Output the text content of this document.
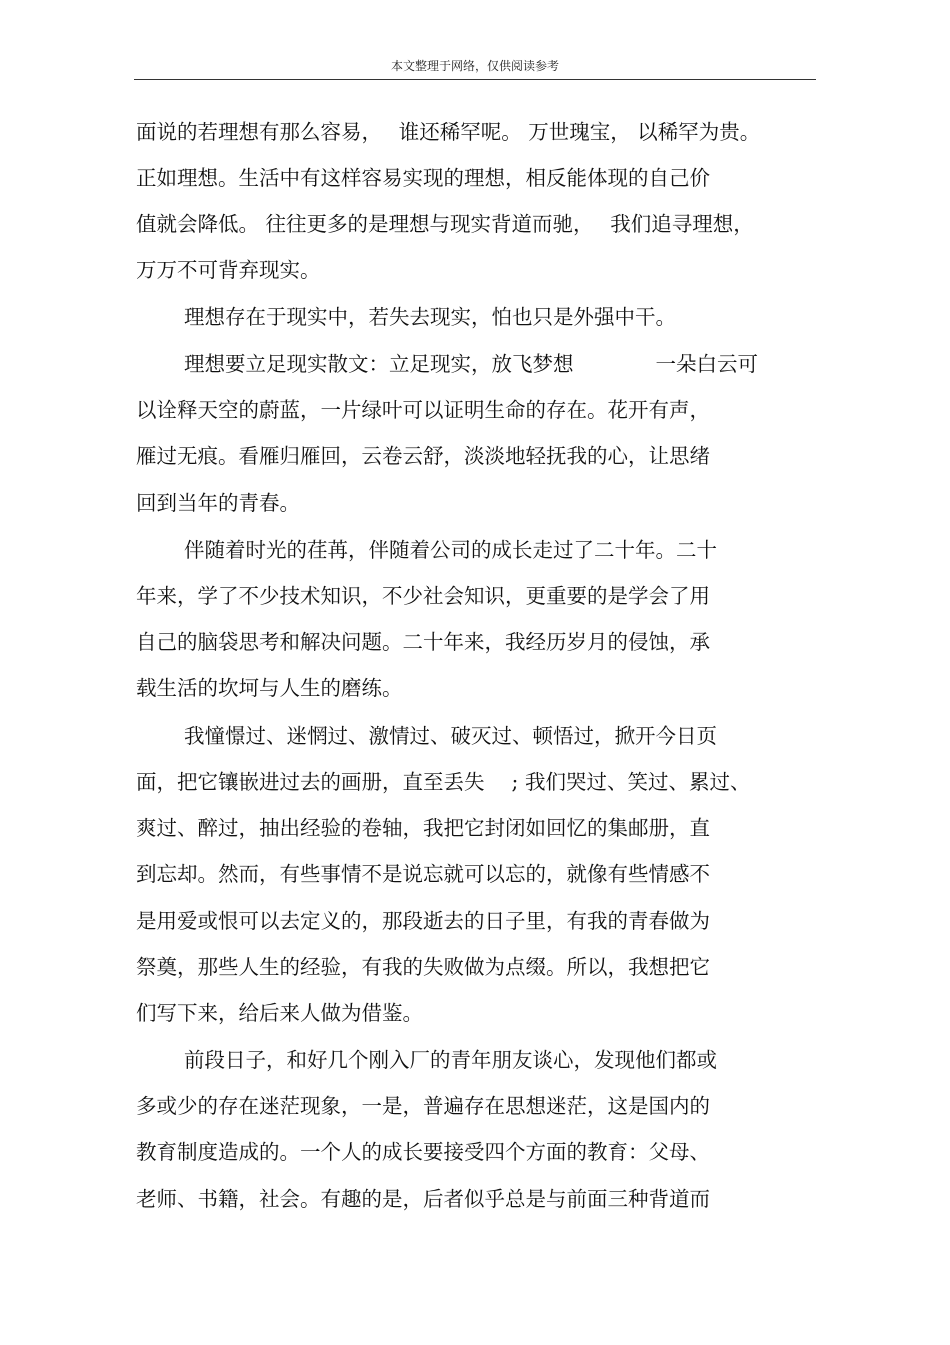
本文整理于网络，仅供阅读参考
面说的若理想有那么容易，　 谁还稀罕呢。 万世瑰宝， 以稀罕为贵。
正如理想。生活中有这样容易实现的理想，相反能体现的自己价
值就会降低。 往往更多的是理想与现实背道而驰，　 我们追寻理想，
万万不可背弃现实。
理想存在于现实中，若失去现实，怕也只是外强中干。
理想要立足现实散文：立足现实，放飞梦想　　　　一朵白云可
以诠释天空的蔚蓝，一片绿叶可以证明生命的存在。花开有声，
雁过无痕。看雁归雁回，云卷云舒，淡淡地轻抚我的心，让思绪
回到当年的青春。
伴随着时光的荏苒，伴随着公司的成长走过了二十年。二十
年来，学了不少技术知识，不少社会知识，更重要的是学会了用
自己的脑袋思考和解决问题。二十年来，我经历岁月的侵蚀，承
载生活的坎坷与人生的磨练。
我憧憬过、迷惘过、激情过、破灭过、顿悟过，掀开今日页
面，把它镶嵌进过去的画册，直至丢失　 ; 我们哭过、笑过、累过、
爽过、醉过，抽出经验的卷轴，我把它封闭如回忆的集邮册，直
到忘却。然而，有些事情不是说忘就可以忘的，就像有些情感不
是用爱或恨可以去定义的，那段逝去的日子里，有我的青春做为
祭奠，那些人生的经验，有我的失败做为点缀。所以，我想把它
们写下来，给后来人做为借鉴。
前段日子，和好几个刚入厂的青年朋友谈心，发现他们都或
多或少的存在迷茫现象，一是，普遍存在思想迷茫，这是国内的
教育制度造成的。一个人的成长要接受四个方面的教育：父母、
老师、书籍，社会。有趣的是，后者似乎总是与前面三种背道而
